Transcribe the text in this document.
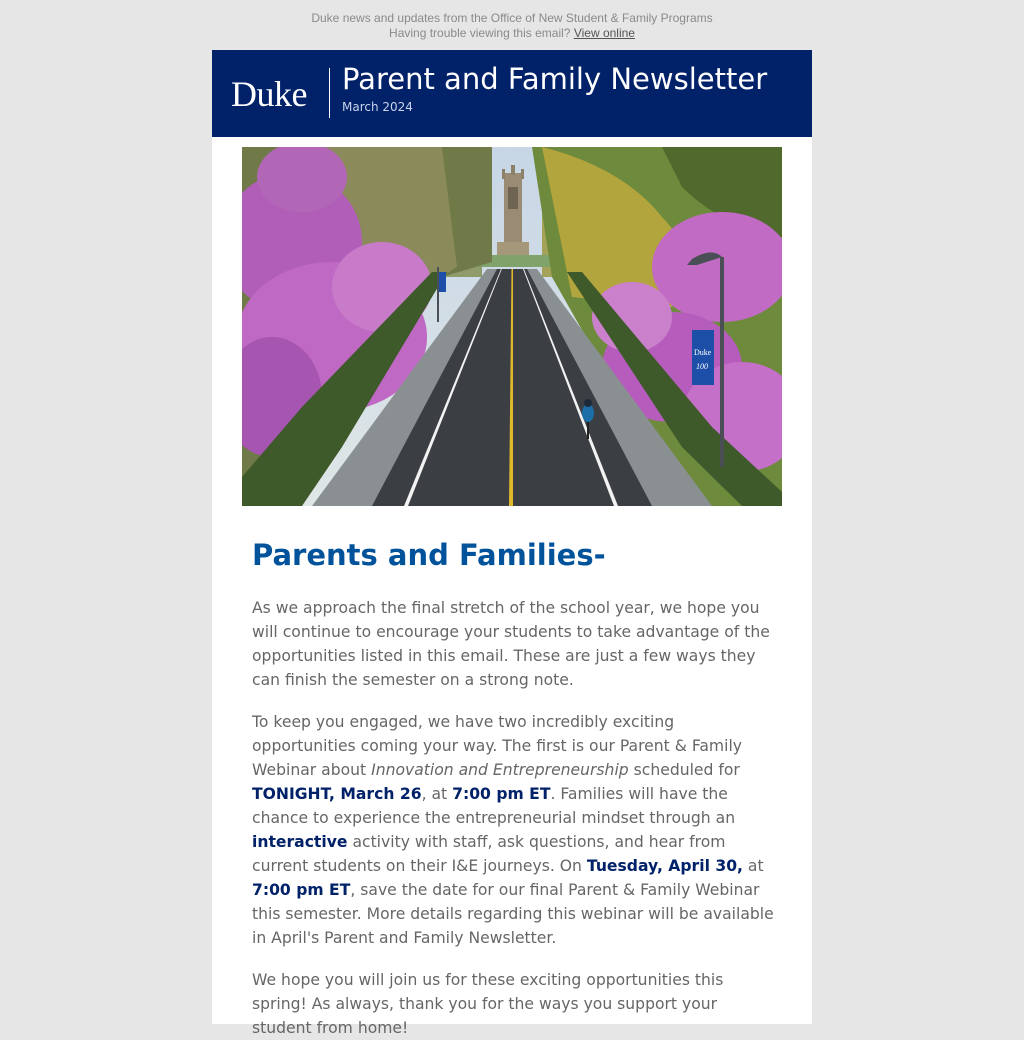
Duke news and updates from the Office of New Student & Family Programs
Having trouble viewing this email? View online
Duke Parent and Family Newsletter
March 2024
Duke
100
Parents and Families-

As we approach the final stretch of the school year, we hope you will continue to encourage your students to take advantage of the opportunities listed in this email. These are just a few ways they can finish the semester on a strong note.

To keep you engaged, we have two incredibly exciting opportunities coming your way. The first is our Parent & Family Webinar about Innovation and Entrepreneurship scheduled for TONIGHT, March 26, at 7:00 pm ET. Families will have the chance to experience the entrepreneurial mindset through an interactive activity with staff, ask questions, and hear from current students on their I&E journeys. On Tuesday, April 30, at 7:00 pm ET, save the date for our final Parent & Family Webinar this semester. More details regarding this webinar will be available in April's Parent and Family Newsletter.

We hope you will join us for these exciting opportunities this spring! As always, thank you for the ways you support your student from home!
